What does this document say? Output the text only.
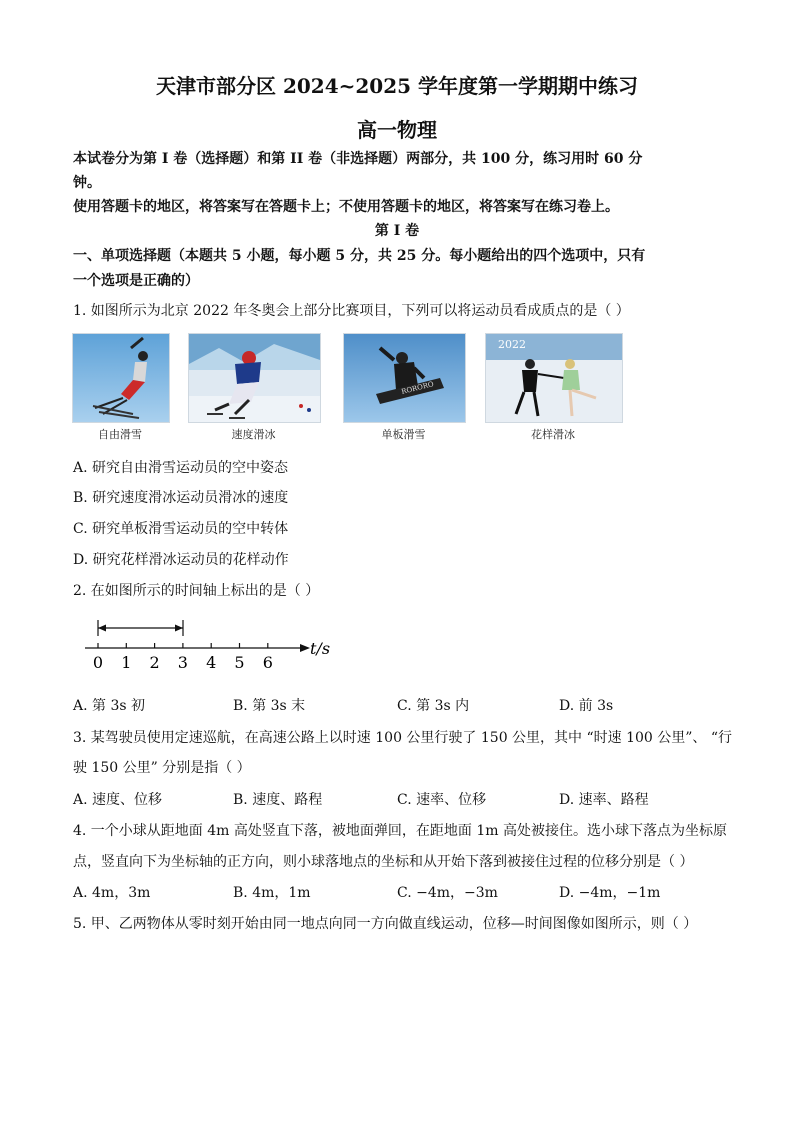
天津市部分区 2024~2025 学年度第一学期期中练习
高一物理
本试卷分为第 I 卷（选择题）和第 II 卷（非选择题）两部分，共 100 分，练习用时 60 分
钟。
使用答题卡的地区，将答案写在答题卡上；不使用答题卡的地区，将答案写在练习卷上。
第 I 卷
一、单项选择题（本题共 5 小题，每小题 5 分，共 25 分。每小题给出的四个选项中，只有
一个选项是正确的）
1. 如图所示为北京 2022 年冬奥会上部分比赛项目，下列可以将运动员看成质点的是（ ）
自由滑雪	速度滑冰
RORORO
单板滑雪
2022
花样滑冰
A. 研究自由滑雪运动员的空中姿态
B. 研究速度滑冰运动员滑冰的速度
C. 研究单板滑雪运动员的空中转体
D. 研究花样滑冰运动员的花样动作
2. 在如图所示的时间轴上标出的是（ ）
0 1 2 3 4 5 6
t/s
A. 第 3s 初	B. 第 3s 末	C. 第 3s 内	D. 前 3s
3. 某驾驶员使用定速巡航，在高速公路上以时速 100 公里行驶了 150 公里，其中 “时速 100 公里”、 “行
驶 150 公里” 分别是指（ ）
A. 速度、位移	B. 速度、路程	C. 速率、位移	D. 速率、路程
4. 一个小球从距地面 4m 高处竖直下落，被地面弹回，在距地面 1m 高处被接住。选小球下落点为坐标原
点，竖直向下为坐标轴的正方向，则小球落地点的坐标和从开始下落到被接住过程的位移分别是（ ）
A. 4m，3m	B. 4m，1m	C. −4m，−3m	D. −4m，−1m
5. 甲、乙两物体从零时刻开始由同一地点向同一方向做直线运动，位移—时间图像如图所示，则（ ）
